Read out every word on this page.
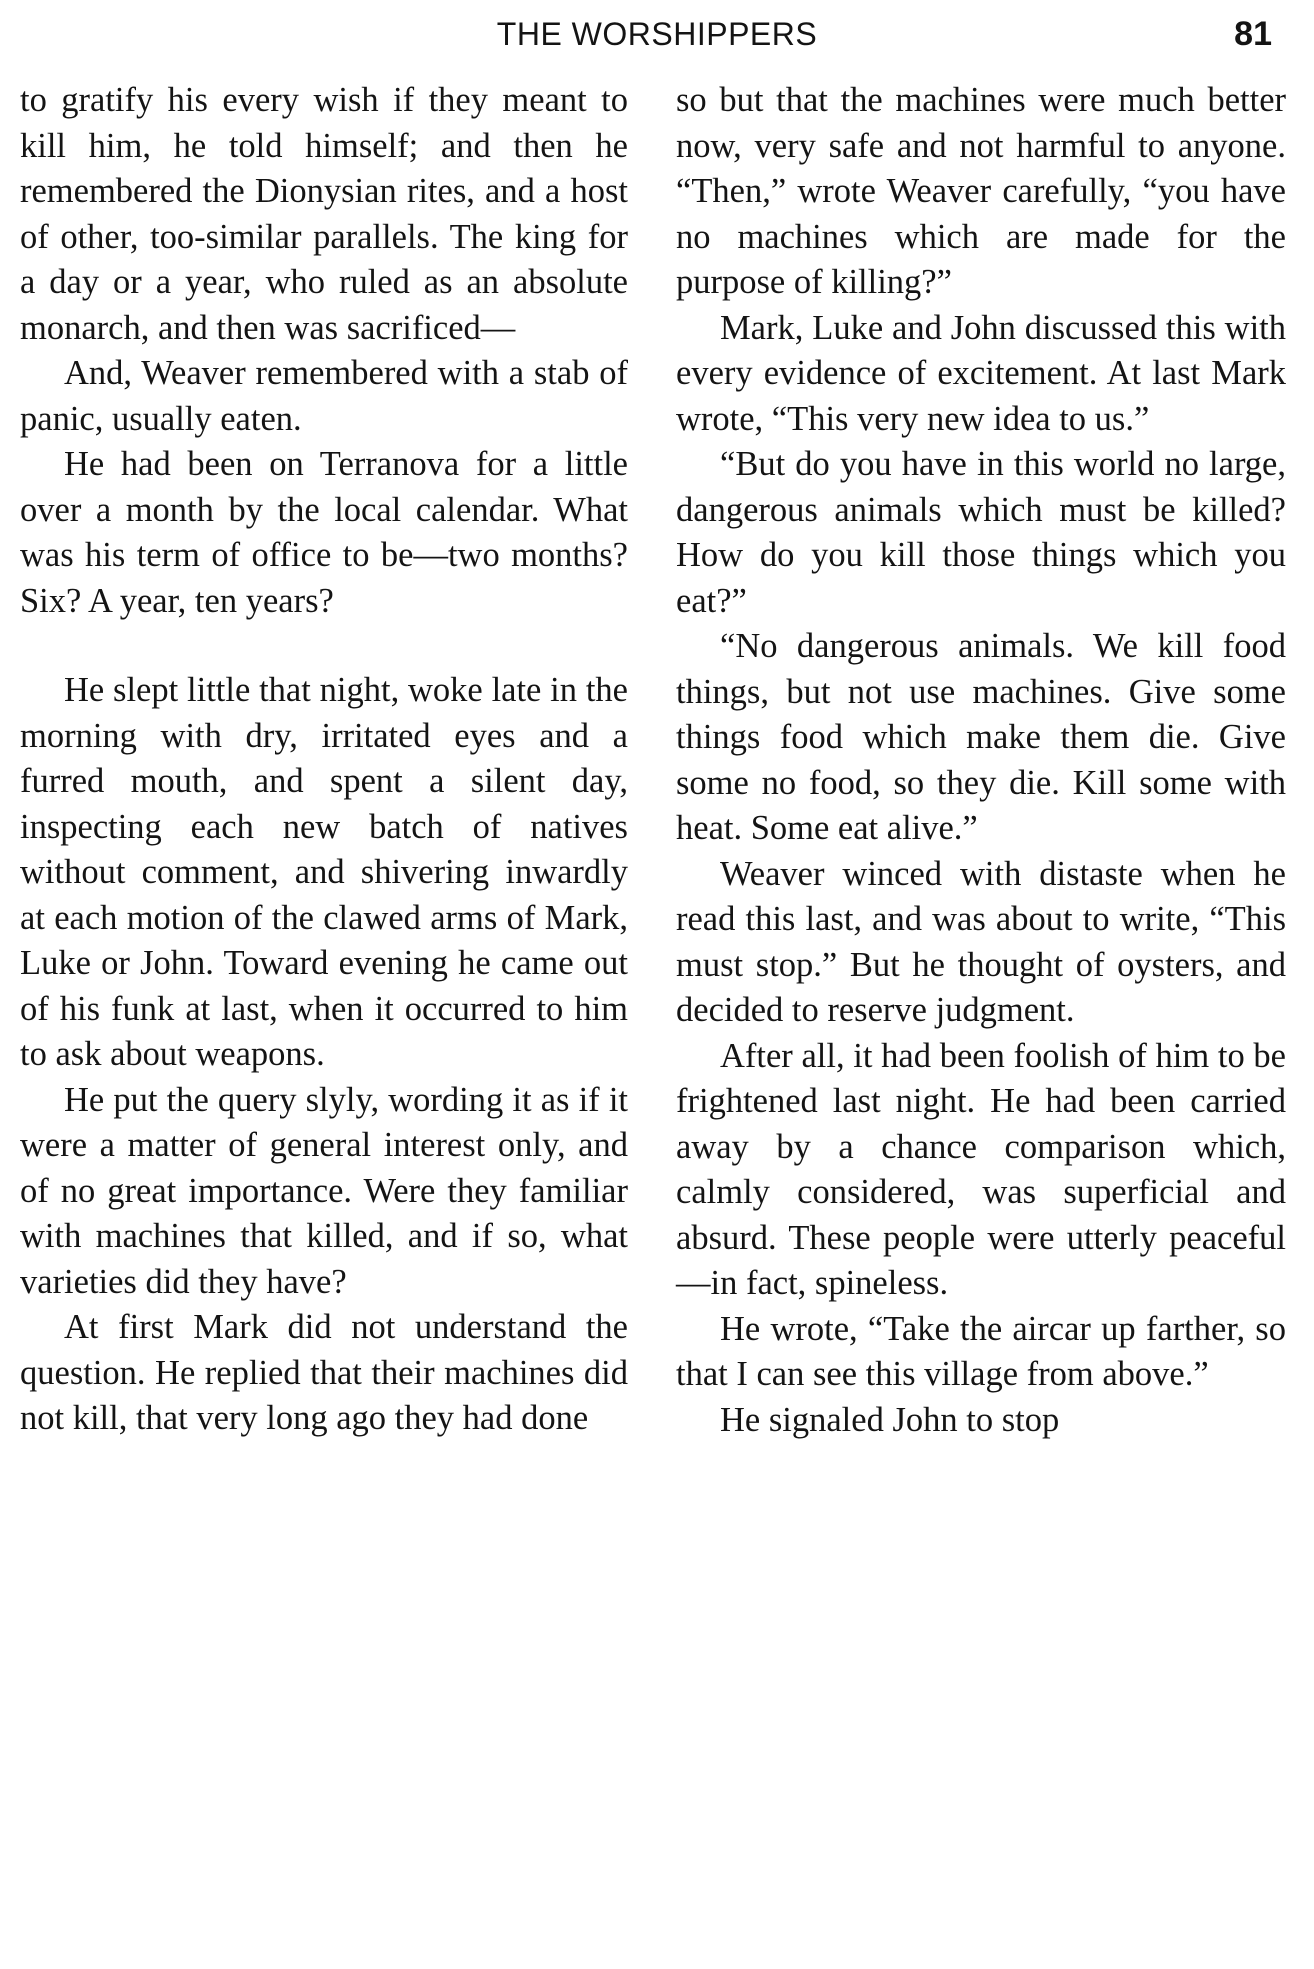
THE WORSHIPPERS	81

to gratify his every wish if they meant to kill him, he told himself; and then he remembered the Dionysian rites, and a host of other, too-similar parallels. The king for a day or a year, who ruled as an absolute monarch, and then was sacrificed—

And, Weaver remembered with a stab of panic, usually eaten.

He had been on Terranova for a little over a month by the local calendar. What was his term of office to be—two months? Six? A year, ten years?

He slept little that night, woke late in the morning with dry, irritated eyes and a furred mouth, and spent a silent day, inspecting each new batch of natives without comment, and shivering inwardly at each motion of the clawed arms of Mark, Luke or John. Toward evening he came out of his funk at last, when it occurred to him to ask about weapons.

He put the query slyly, wording it as if it were a matter of general interest only, and of no great importance. Were they familiar with machines that killed, and if so, what varieties did they have?

At first Mark did not understand the question. He replied that their machines did not kill, that very long ago they had done

so but that the machines were much better now, very safe and not harmful to anyone. “Then,” wrote Weaver carefully, “you have no machines which are made for the purpose of killing?”

Mark, Luke and John discussed this with every evidence of excitement. At last Mark wrote, “This very new idea to us.”

“But do you have in this world no large, dangerous animals which must be killed? How do you kill those things which you eat?”

“No dangerous animals. We kill food things, but not use machines. Give some things food which make them die. Give some no food, so they die. Kill some with heat. Some eat alive.”

Weaver winced with distaste when he read this last, and was about to write, “This must stop.” But he thought of oysters, and decided to reserve judgment.

After all, it had been foolish of him to be frightened last night. He had been carried away by a chance comparison which, calmly considered, was superficial and absurd. These people were utterly peaceful—in fact, spineless.

He wrote, “Take the aircar up farther, so that I can see this village from above.”

He signaled John to stop
